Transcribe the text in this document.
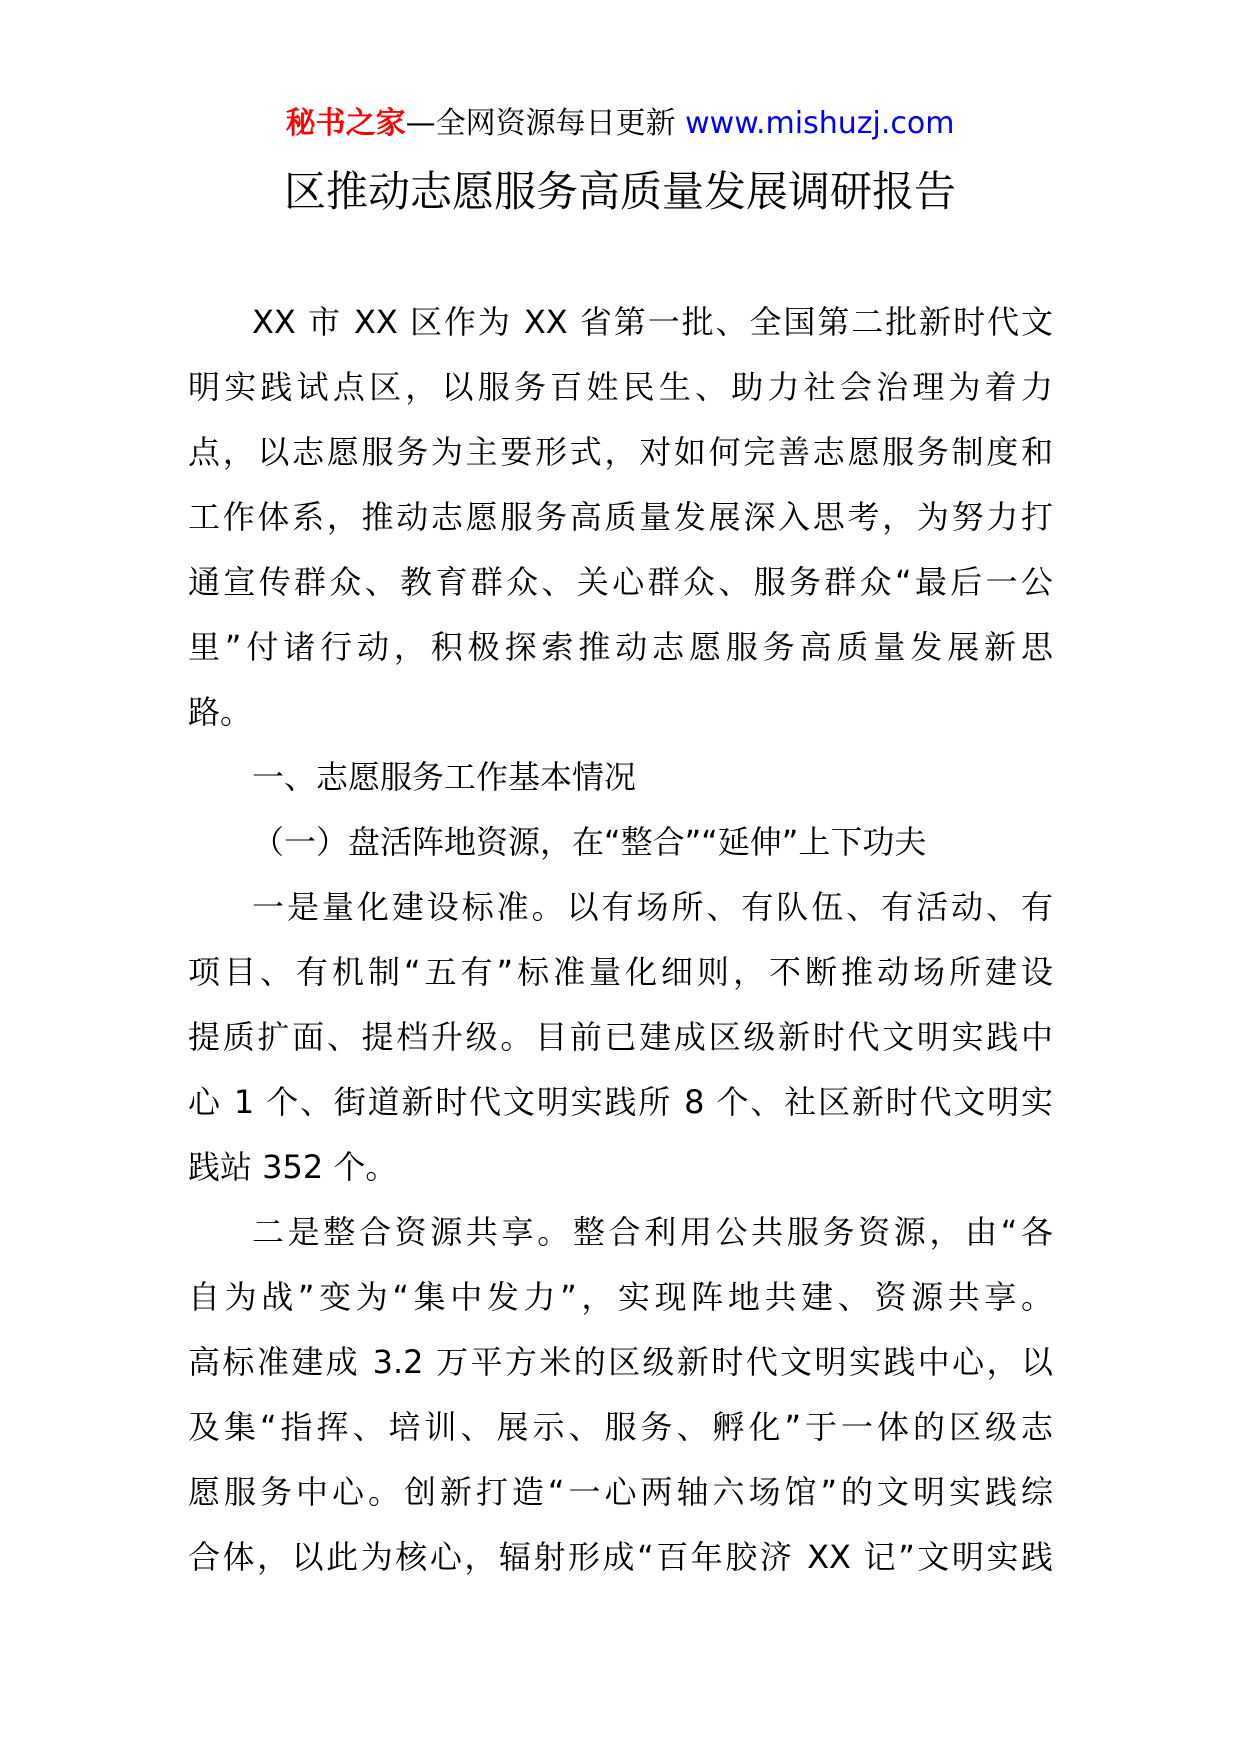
秘书之家—全网资源每日更新 www.mishuzj.com
区推动志愿服务高质量发展调研报告

XX 市 XX 区作为 XX 省第一批、全国第二批新时代文
明实践试点区，以服务百姓民生、助力社会治理为着力
点，以志愿服务为主要形式，对如何完善志愿服务制度和
工作体系，推动志愿服务高质量发展深入思考，为努力打
通宣传群众、教育群众、关心群众、服务群众“最后一公
里”付诸行动，积极探索推动志愿服务高质量发展新思
路。

一、志愿服务工作基本情况

（一）盘活阵地资源，在“整合”“延伸”上下功夫

一是量化建设标准。以有场所、有队伍、有活动、有
项目、有机制“五有”标准量化细则，不断推动场所建设
提质扩面、提档升级。目前已建成区级新时代文明实践中
心 1 个、街道新时代文明实践所 8 个、社区新时代文明实
践站 352 个。

二是整合资源共享。整合利用公共服务资源，由“各
自为战”变为“集中发力”，实现阵地共建、资源共享。
高标准建成 3.2 万平方米的区级新时代文明实践中心，以
及集“指挥、培训、展示、服务、孵化”于一体的区级志
愿服务中心。创新打造“一心两轴六场馆”的文明实践综
合体，以此为核心，辐射形成“百年胶济 XX 记”文明实践
